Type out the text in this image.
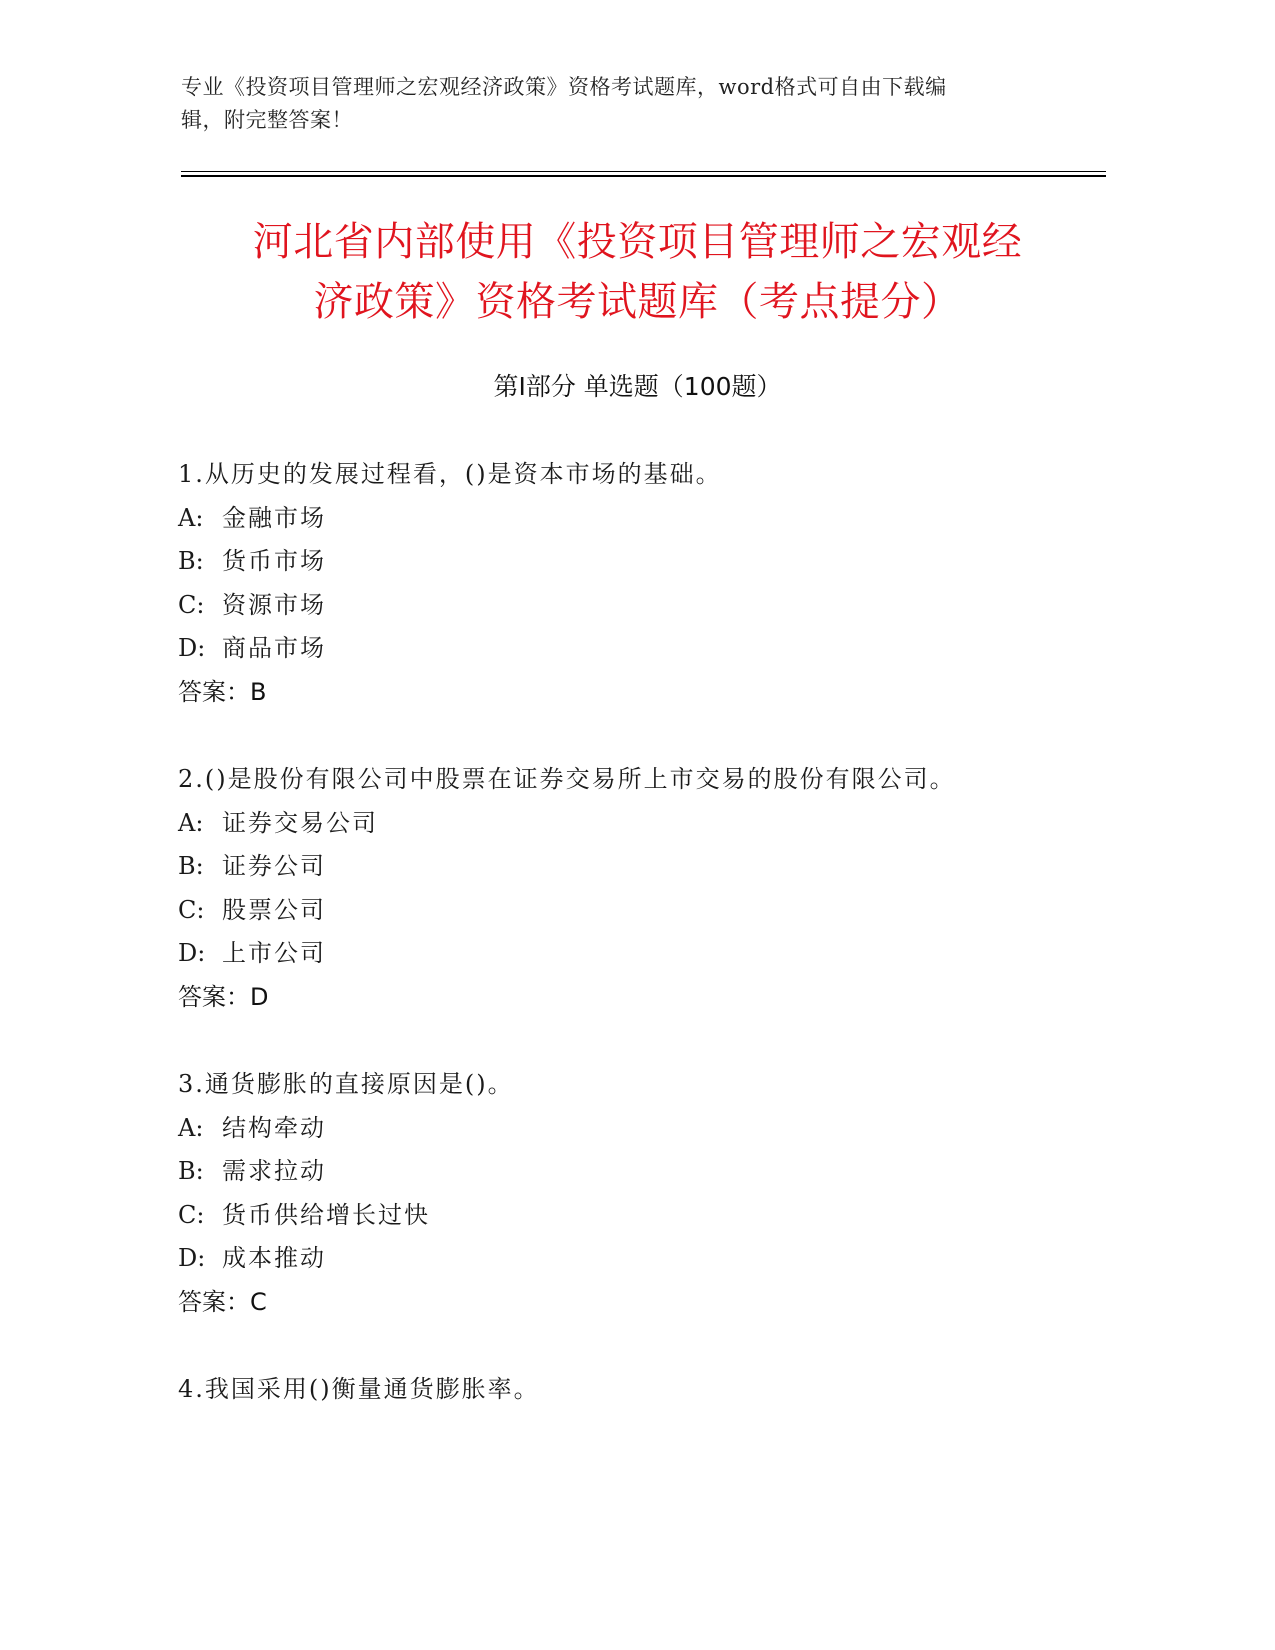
专业《投资项目管理师之宏观经济政策》资格考试题库，word格式可自由下载编
辑，附完整答案！
河北省内部使用《投资项目管理师之宏观经
济政策》资格考试题库（考点提分）
第Ⅰ部分 单选题（100题）
1.从历史的发展过程看，()是资本市场的基础。
A: 金融市场
B: 货币市场
C: 资源市场
D: 商品市场
答案：B
2.()是股份有限公司中股票在证券交易所上市交易的股份有限公司。
A: 证券交易公司
B: 证券公司
C: 股票公司
D: 上市公司
答案：D
3.通货膨胀的直接原因是()。
A: 结构牵动
B: 需求拉动
C: 货币供给增长过快
D: 成本推动
答案：C
4.我国采用()衡量通货膨胀率。
